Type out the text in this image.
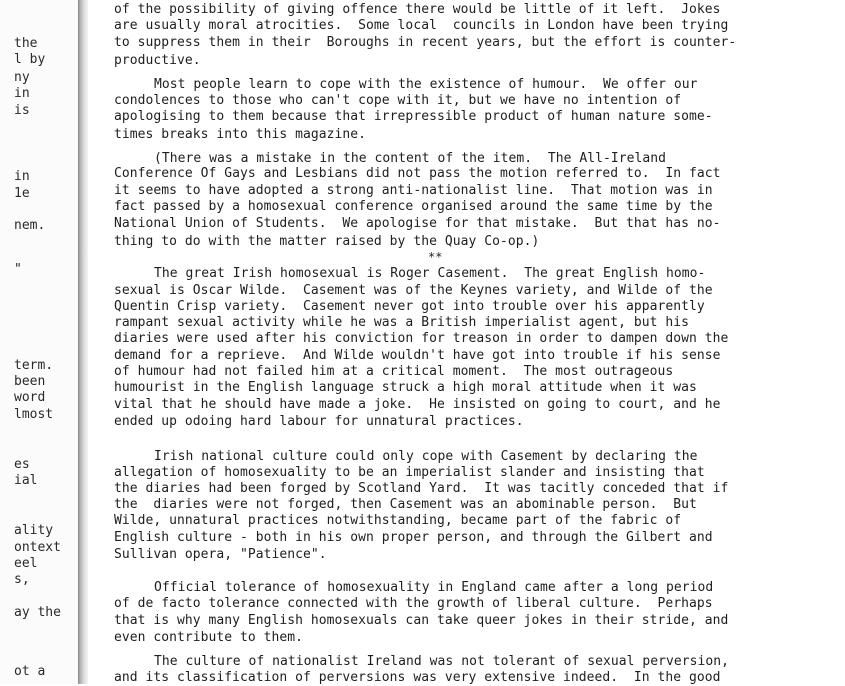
the
l by
ny
in
is
in
1e
nem.
"
term.
been
word
lmost
es
ial
ality
ontext
eel
s,
ay the
ot a
**
of the possibility of giving offence there would be little of it left.  Jokes
are usually moral atrocities.  Some local  councils in London have been trying
to suppress them in their  Boroughs in recent years, but the effort is counter-
productive.
Most people learn to cope with the existence of humour.  We offer our
condolences to those who can't cope with it, but we have no intention of
apologising to them because that irrepressible product of human nature some-
times breaks into this magazine.
(There was a mistake in the content of the item.  The All-Ireland
Conference Of Gays and Lesbians did not pass the motion referred to.  In fact
it seems to have adopted a strong anti-nationalist line.  That motion was in
fact passed by a homosexual conference organised around the same time by the
National Union of Students.  We apologise for that mistake.  But that has no-
thing to do with the matter raised by the Quay Co-op.)
The great Irish homosexual is Roger Casement.  The great English homo-
sexual is Oscar Wilde.  Casement was of the Keynes variety, and Wilde of the
Quentin Crisp variety.  Casement never got into trouble over his apparently
rampant sexual activity while he was a British imperialist agent, but his
diaries were used after his conviction for treason in order to dampen down the
demand for a reprieve.  And Wilde wouldn't have got into trouble if his sense
of humour had not failed him at a critical moment.  The most outrageous
humourist in the English language struck a high moral attitude when it was
vital that he should have made a joke.  He insisted on going to court, and he
ended up odoing hard labour for unnatural practices.
Irish national culture could only cope with Casement by declaring the
allegation of homosexuality to be an imperialist slander and insisting that
the diaries had been forged by Scotland Yard.  It was tacitly conceded that if
the  diaries were not forged, then Casement was an abominable person.  But
Wilde, unnatural practices notwithstanding, became part of the fabric of
English culture - both in his own proper person, and through the Gilbert and
Sullivan opera, "Patience".
Official tolerance of homosexuality in England came after a long period
of de facto tolerance connected with the growth of liberal culture.  Perhaps
that is why many English homosexuals can take queer jokes in their stride, and
even contribute to them.
The culture of nationalist Ireland was not tolerant of sexual perversion,
and its classification of perversions was very extensive indeed.  In the good
